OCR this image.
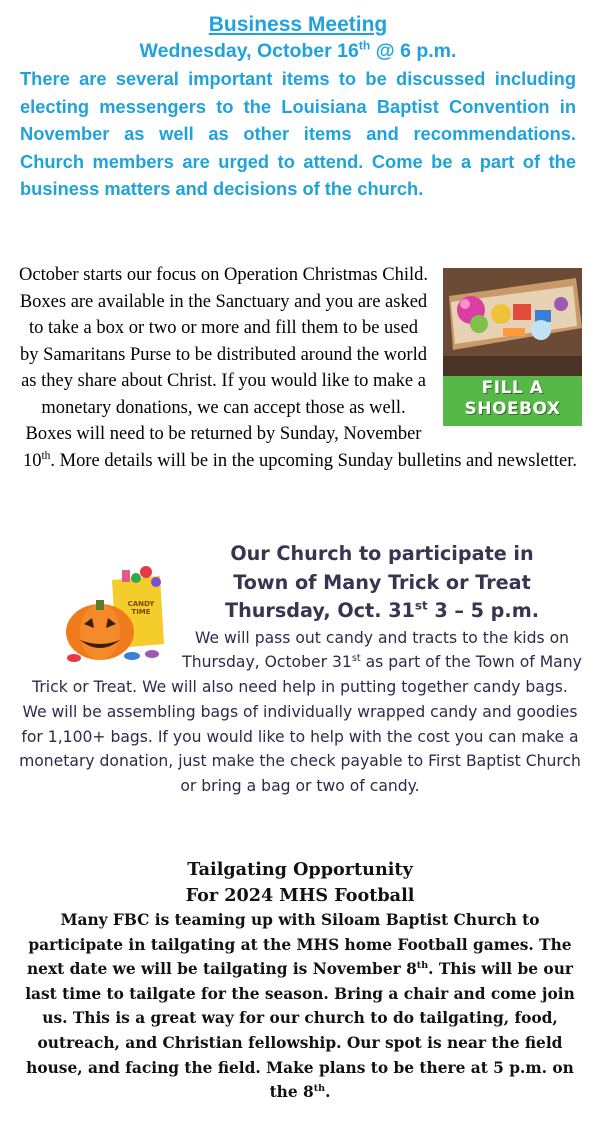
Business Meeting
Wednesday, October 16th @ 6 p.m.
There are several important items to be discussed including electing messengers to the Louisiana Baptist Convention in November as well as other items and recommendations. Church members are urged to attend. Come be a part of the business matters and decisions of the church.
FILL A SHOEBOX

October starts our focus on Operation Christmas Child. Boxes are available in the Sanctuary and you are asked to take a box or two or more and fill them to be used by Samaritans Purse to be distributed around the world as they share about Christ. If you would like to make a monetary donations, we can accept those as well. Boxes will need to be returned by Sunday, November 10th. More details will be in the upcoming Sunday bulletins and newsletter.

CANDY TIME
Our Church to participate in
Town of Many Trick or Treat
Thursday, Oct. 31st 3 – 5 p.m.

We will pass out candy and tracts to the kids on Thursday, October 31st as part of the Town of Many Trick or Treat. We will also need help in putting together candy bags. We will be assembling bags of individually wrapped candy and goodies for 1,100+ bags. If you would like to help with the cost you can make a monetary donation, just make the check payable to First Baptist Church or bring a bag or two of candy.

Tailgating Opportunity
For 2024 MHS Football

Many FBC is teaming up with Siloam Baptist Church to participate in tailgating at the MHS home Football games. The next date we will be tailgating is November 8th. This will be our last time to tailgate for the season. Bring a chair and come join us. This is a great way for our church to do tailgating, food, outreach, and Christian fellowship. Our spot is near the field house, and facing the field. Make plans to be there at 5 p.m. on the 8th.
